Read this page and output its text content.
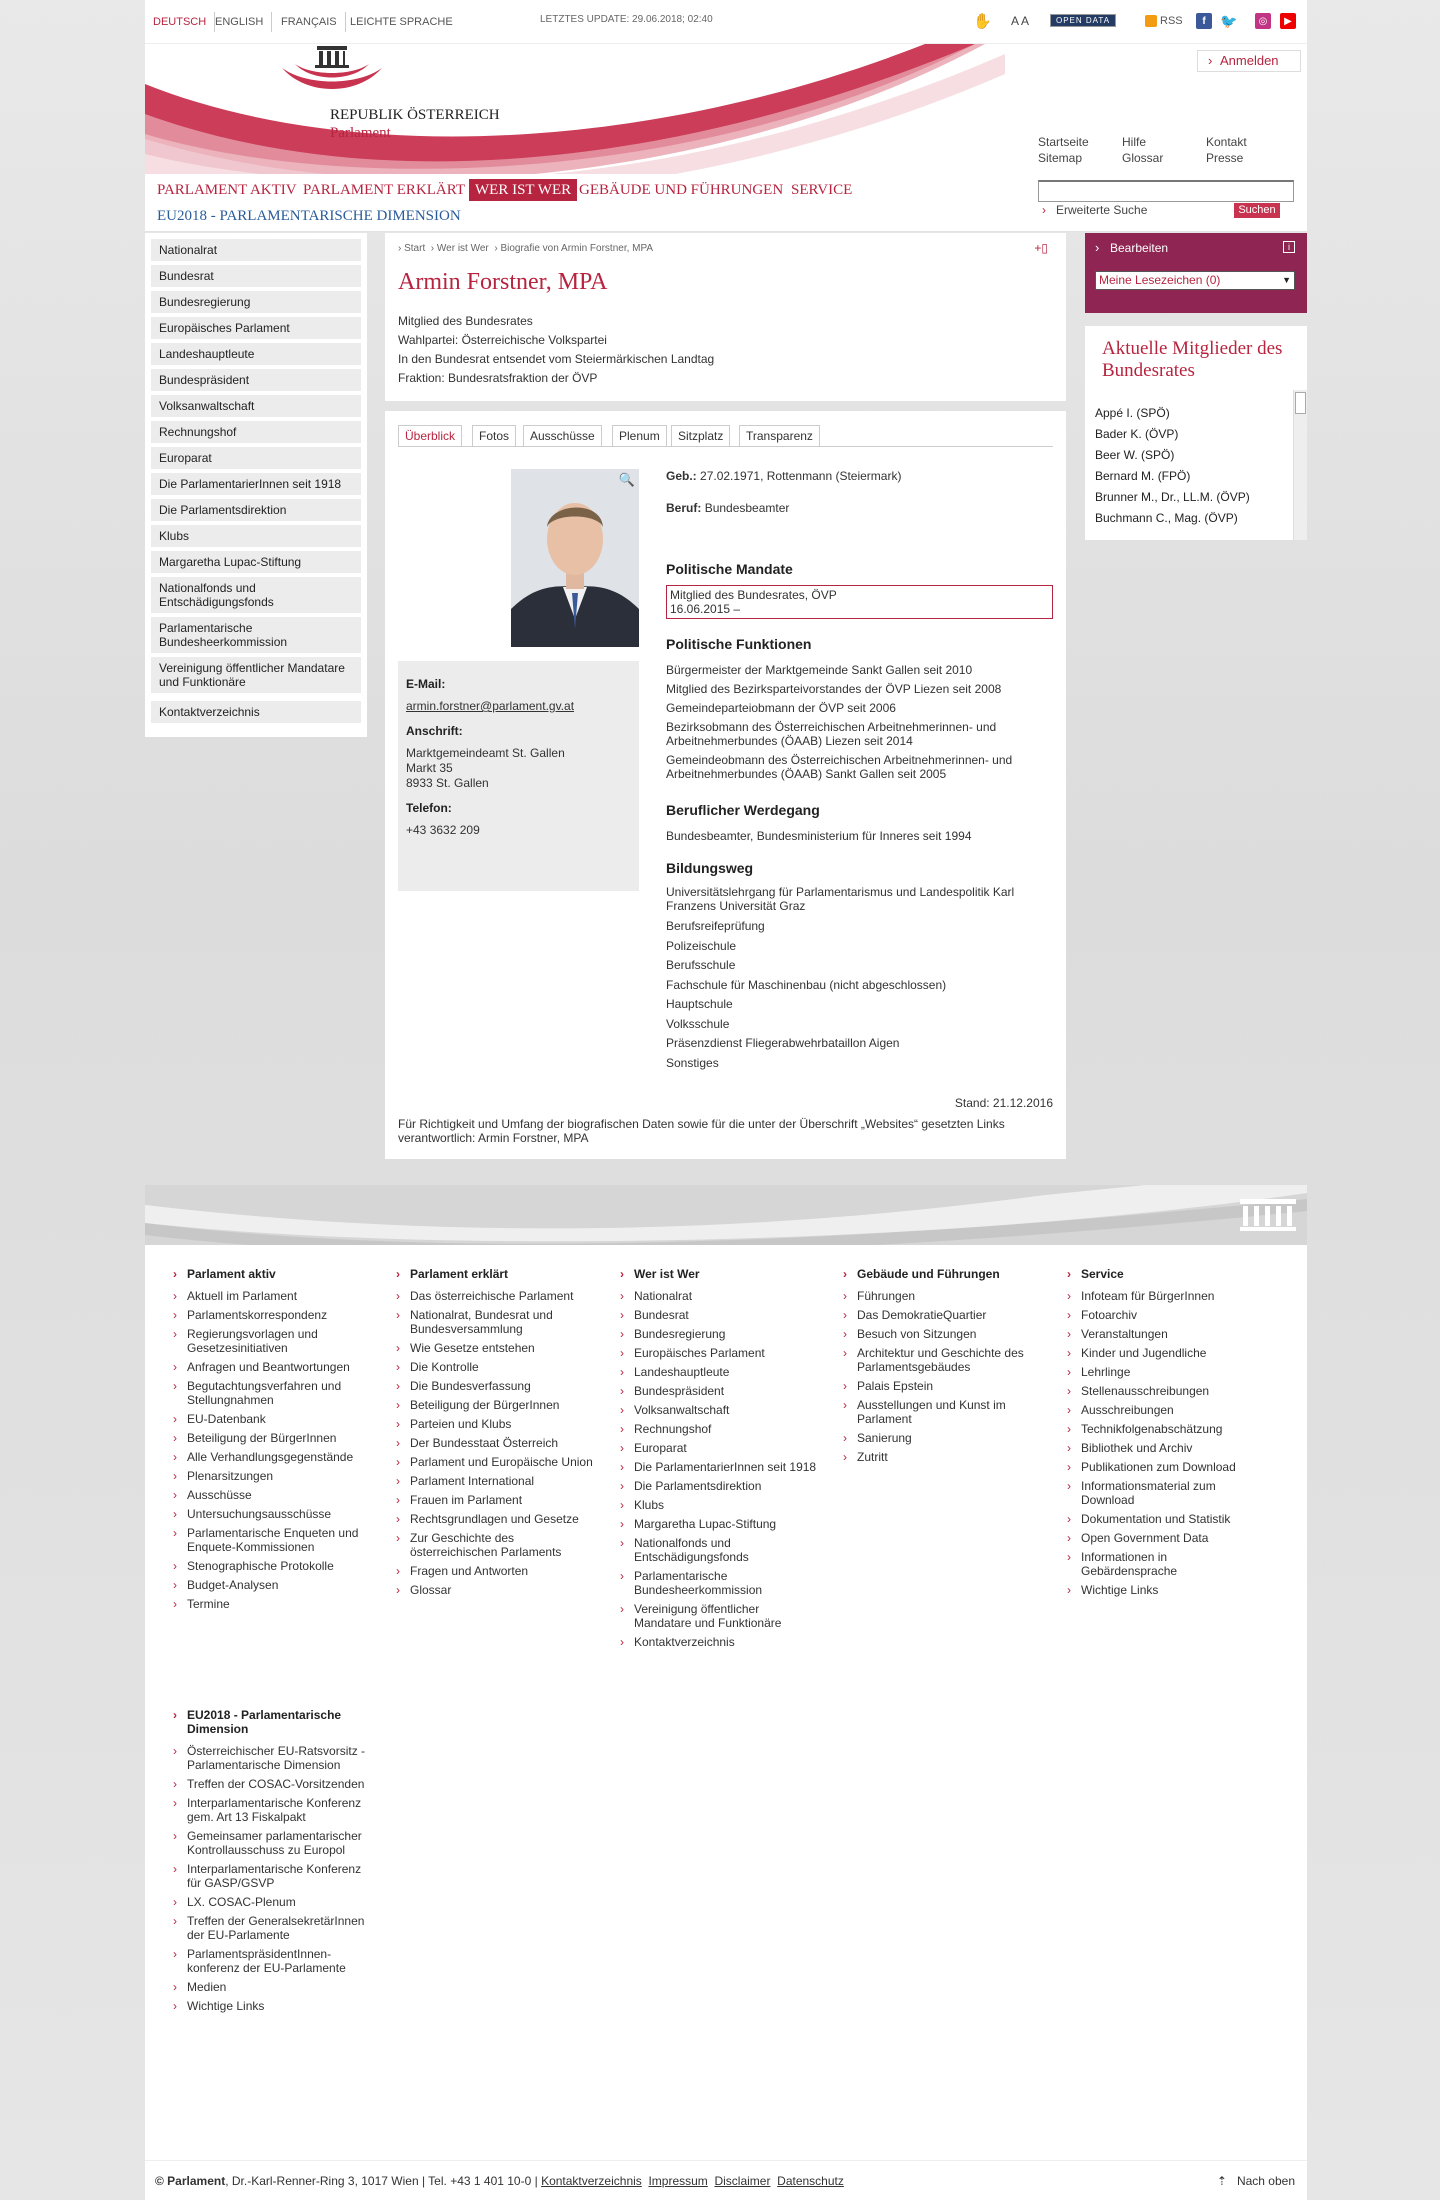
DEUTSCH ENGLISH	FRANÇAIS	LEICHTE SPRACHE	LETZTES UPDATE: 29.06.2018; 02:40	✋ A A	OPEN DATA	RSS	f	🐦	◎	▶
REPUBLIK ÖSTERREICH
Parlament
› Anmelden
Startseite
Sitemap
Hilfe
Glossar
Kontakt
Presse
PARLAMENT AKTIV PARLAMENT ERKLÄRT WER IST WER GEBÄUDE UND FÜHRUNGEN SERVICE
EU2018 - PARLAMENTARISCHE DIMENSION	› Erweiterte Suche	Suchen
Nationalrat
Bundesrat
Bundesregierung
Europäisches Parlament
Landeshauptleute
Bundespräsident
Volksanwaltschaft
Rechnungshof
Europarat
Die ParlamentarierInnen seit 1918
Die Parlamentsdirektion
Klubs
Margaretha Lupac-Stiftung
Nationalfonds und Entschädigungsfonds
Parlamentarische Bundesheerkommission
Vereinigung öffentlicher Mandatare und Funktionäre
Kontaktverzeichnis
› Start  › Wer ist Wer  › Biografie von Armin Forstner, MPA	+▯
Armin Forstner, MPA
Mitglied des Bundesrates
Wahlpartei: Österreichische Volkspartei
In den Bundesrat entsendet vom Steiermärkischen Landtag
Fraktion: Bundesratsfraktion der ÖVP
Überblick	Fotos	Ausschüsse	Plenum	Sitzplatz	Transparenz
🔍
E-Mail:

armin.forstner@parlament.gv.at

Anschrift:

Marktgemeindeamt St. Gallen
Markt 35
8933 St. Gallen

Telefon:

+43 3632 209

Geb.: 27.02.1971, Rottenmann (Steiermark)
Beruf: Bundesbeamter
Politische Mandate
Mitglied des Bundesrates, ÖVP
16.06.2015 –
Politische Funktionen
Bürgermeister der Marktgemeinde Sankt Gallen seit 2010
Mitglied des Bezirksparteivorstandes der ÖVP Liezen seit 2008
Gemeindeparteiobmann der ÖVP seit 2006
Bezirksobmann des Österreichischen Arbeitnehmerinnen- und Arbeitnehmerbundes (ÖAAB) Liezen seit 2014
Gemeindeobmann des Österreichischen Arbeitnehmerinnen- und Arbeitnehmerbundes (ÖAAB) Sankt Gallen seit 2005
Beruflicher Werdegang
Bundesbeamter, Bundesministerium für Inneres seit 1994
Bildungsweg
Universitätslehrgang für Parlamentarismus und Landespolitik Karl Franzens Universität Graz
Berufsreifeprüfung
Polizeischule
Berufsschule
Fachschule für Maschinenbau (nicht abgeschlossen)
Hauptschule
Volksschule
Präsenzdienst Fliegerabwehrbataillon Aigen
Sonstiges
Stand: 21.12.2016
Für Richtigkeit und Umfang der biografischen Daten sowie für die unter der Überschrift „Websites“ gesetzten Links verantwortlich: Armin Forstner, MPA
› Bearbeiten	i
Meine Lesezeichen (0)	▼
Aktuelle Mitglieder des Bundesrates
Appé I. (SPÖ)
Bader K. (ÖVP)
Beer W. (SPÖ)
Bernard M. (FPÖ)
Brunner M., Dr., LL.M. (ÖVP)
Buchmann C., Mag. (ÖVP)
› Parlament aktiv
› Aktuell im Parlament
› Parlamentskorrespondenz
› Regierungsvorlagen und Gesetzesinitiativen
› Anfragen und Beantwortungen
› Begutachtungsverfahren und Stellungnahmen
› EU-Datenbank
› Beteiligung der BürgerInnen
› Alle Verhandlungsgegenstände
› Plenarsitzungen
› Ausschüsse
› Untersuchungsausschüsse
› Parlamentarische Enqueten und Enquete-Kommissionen
› Stenographische Protokolle
› Budget-Analysen
› Termine
› Parlament erklärt
› Das österreichische Parlament
› Nationalrat, Bundesrat und Bundesversammlung
› Wie Gesetze entstehen
› Die Kontrolle
› Die Bundesverfassung
› Beteiligung der BürgerInnen
› Parteien und Klubs
› Der Bundesstaat Österreich
› Parlament und Europäische Union
› Parlament International
› Frauen im Parlament
› Rechtsgrundlagen und Gesetze
› Zur Geschichte des österreichischen Parlaments
› Fragen und Antworten
› Glossar
› Wer ist Wer
› Nationalrat
› Bundesrat
› Bundesregierung
› Europäisches Parlament
› Landeshauptleute
› Bundespräsident
› Volksanwaltschaft
› Rechnungshof
› Europarat
› Die ParlamentarierInnen seit 1918
› Die Parlamentsdirektion
› Klubs
› Margaretha Lupac-Stiftung
› Nationalfonds und Entschädigungsfonds
› Parlamentarische Bundesheerkommission
› Vereinigung öffentlicher Mandatare und Funktionäre
› Kontaktverzeichnis
› Gebäude und Führungen
› Führungen
› Das DemokratieQuartier
› Besuch von Sitzungen
› Architektur und Geschichte des Parlamentsgebäudes
› Palais Epstein
› Ausstellungen und Kunst im Parlament
› Sanierung
› Zutritt
› Service
› Infoteam für BürgerInnen
› Fotoarchiv
› Veranstaltungen
› Kinder und Jugendliche
› Lehrlinge
› Stellenausschreibungen
› Ausschreibungen
› Technikfolgenabschätzung
› Bibliothek und Archiv
› Publikationen zum Download
› Informationsmaterial zum Download
› Dokumentation und Statistik
› Open Government Data
› Informationen in Gebärdensprache
› Wichtige Links
› EU2018 - Parlamentarische Dimension
› Österreichischer EU-Ratsvorsitz - Parlamentarische Dimension
› Treffen der COSAC-Vorsitzenden
› Interparlamentarische Konferenz gem. Art 13 Fiskalpakt
› Gemeinsamer parlamentarischer Kontrollausschuss zu Europol
› Interparlamentarische Konferenz für GASP/GSVP
› LX. COSAC-Plenum
› Treffen der GeneralsekretärInnen der EU-Parlamente
› ParlamentspräsidentInnen-konferenz der EU-Parlamente
› Medien
› Wichtige Links
© Parlament, Dr.-Karl-Renner-Ring 3, 1017 Wien | Tel. +43 1 401 10-0 | Kontaktverzeichnis Impressum Disclaimer Datenschutz	⇡ Nach oben
